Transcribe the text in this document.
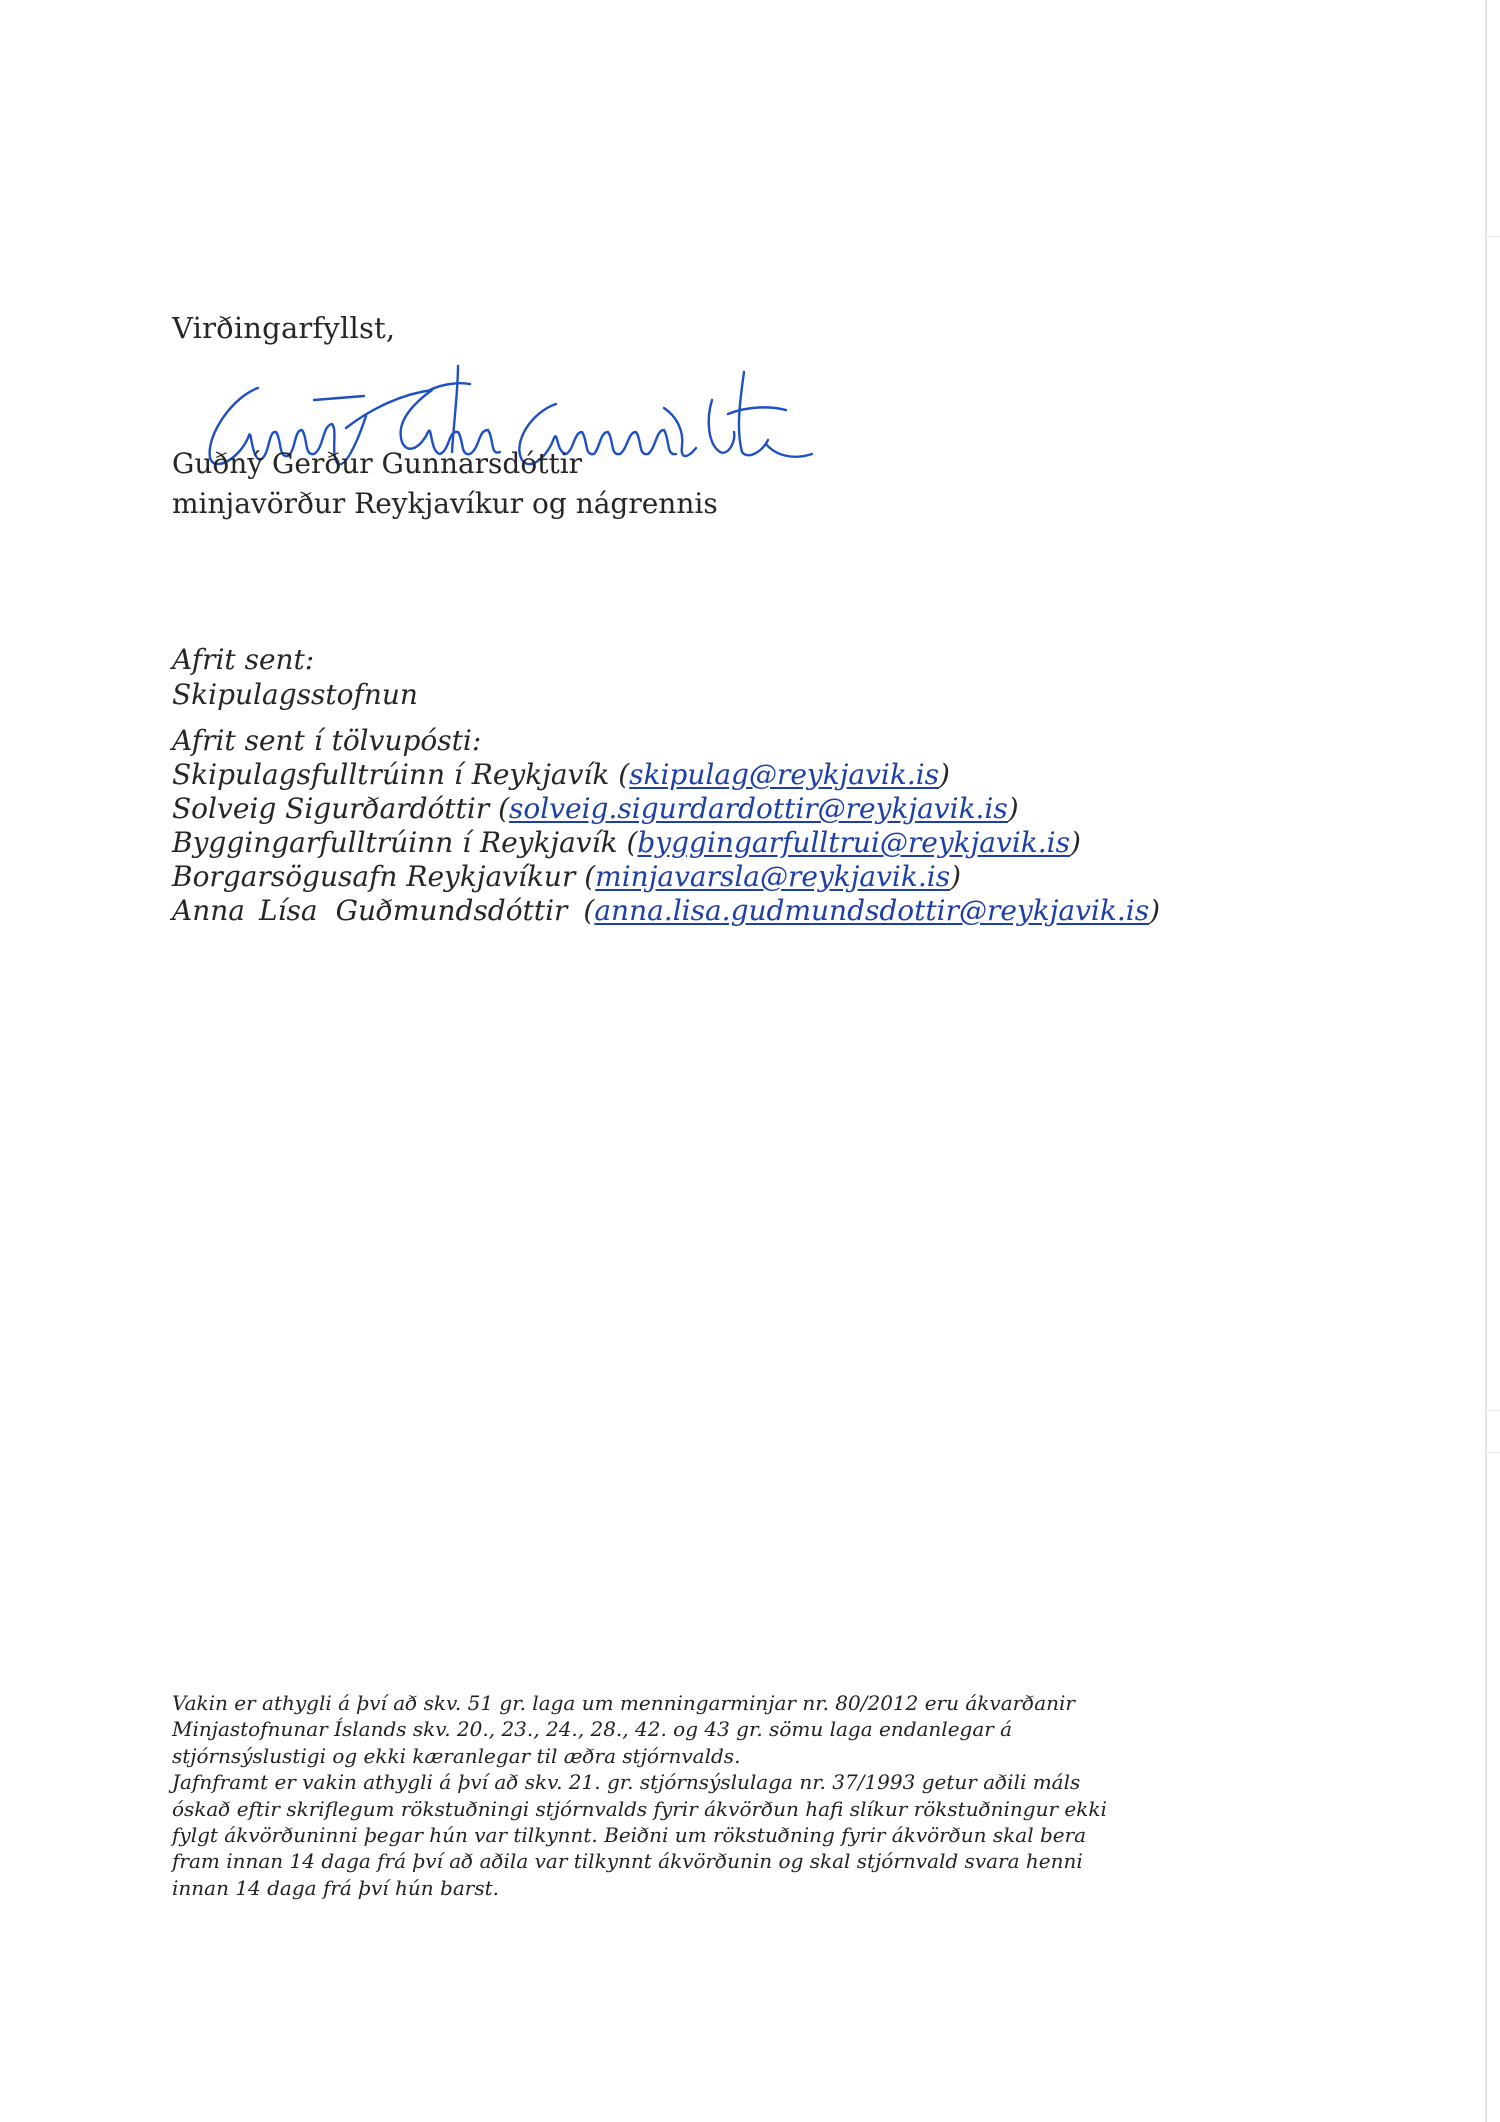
Virðingarfyllst,
Guðný Gerður Gunnarsdóttir
minjavörður Reykjavíkur og nágrennis
Afrit sent:
Skipulagsstofnun
Afrit sent í tölvupósti:
Skipulagsfulltrúinn í Reykjavík (skipulag@reykjavik.is)
Solveig Sigurðardóttir (solveig.sigurdardottir@reykjavik.is)
Byggingarfulltrúinn í Reykjavík (byggingarfulltrui@reykjavik.is)
Borgarsögusafn Reykjavíkur (minjavarsla@reykjavik.is)
Anna Lísa Guðmundsdóttir (anna.lisa.gudmundsdottir@reykjavik.is)
Vakin er athygli á því að skv. 51 gr. laga um menningarminjar nr. 80/2012 eru ákvarðanir
Minjastofnunar Íslands skv. 20., 23., 24., 28., 42. og 43 gr. sömu laga endanlegar á
stjórnsýslustigi og ekki kæranlegar til æðra stjórnvalds.
Jafnframt er vakin athygli á því að skv. 21. gr. stjórnsýslulaga nr. 37/1993 getur aðili máls
óskað eftir skriflegum rökstuðningi stjórnvalds fyrir ákvörðun hafi slíkur rökstuðningur ekki
fylgt ákvörðuninni þegar hún var tilkynnt. Beiðni um rökstuðning fyrir ákvörðun skal bera
fram innan 14 daga frá því að aðila var tilkynnt ákvörðunin og skal stjórnvald svara henni
innan 14 daga frá því hún barst.
